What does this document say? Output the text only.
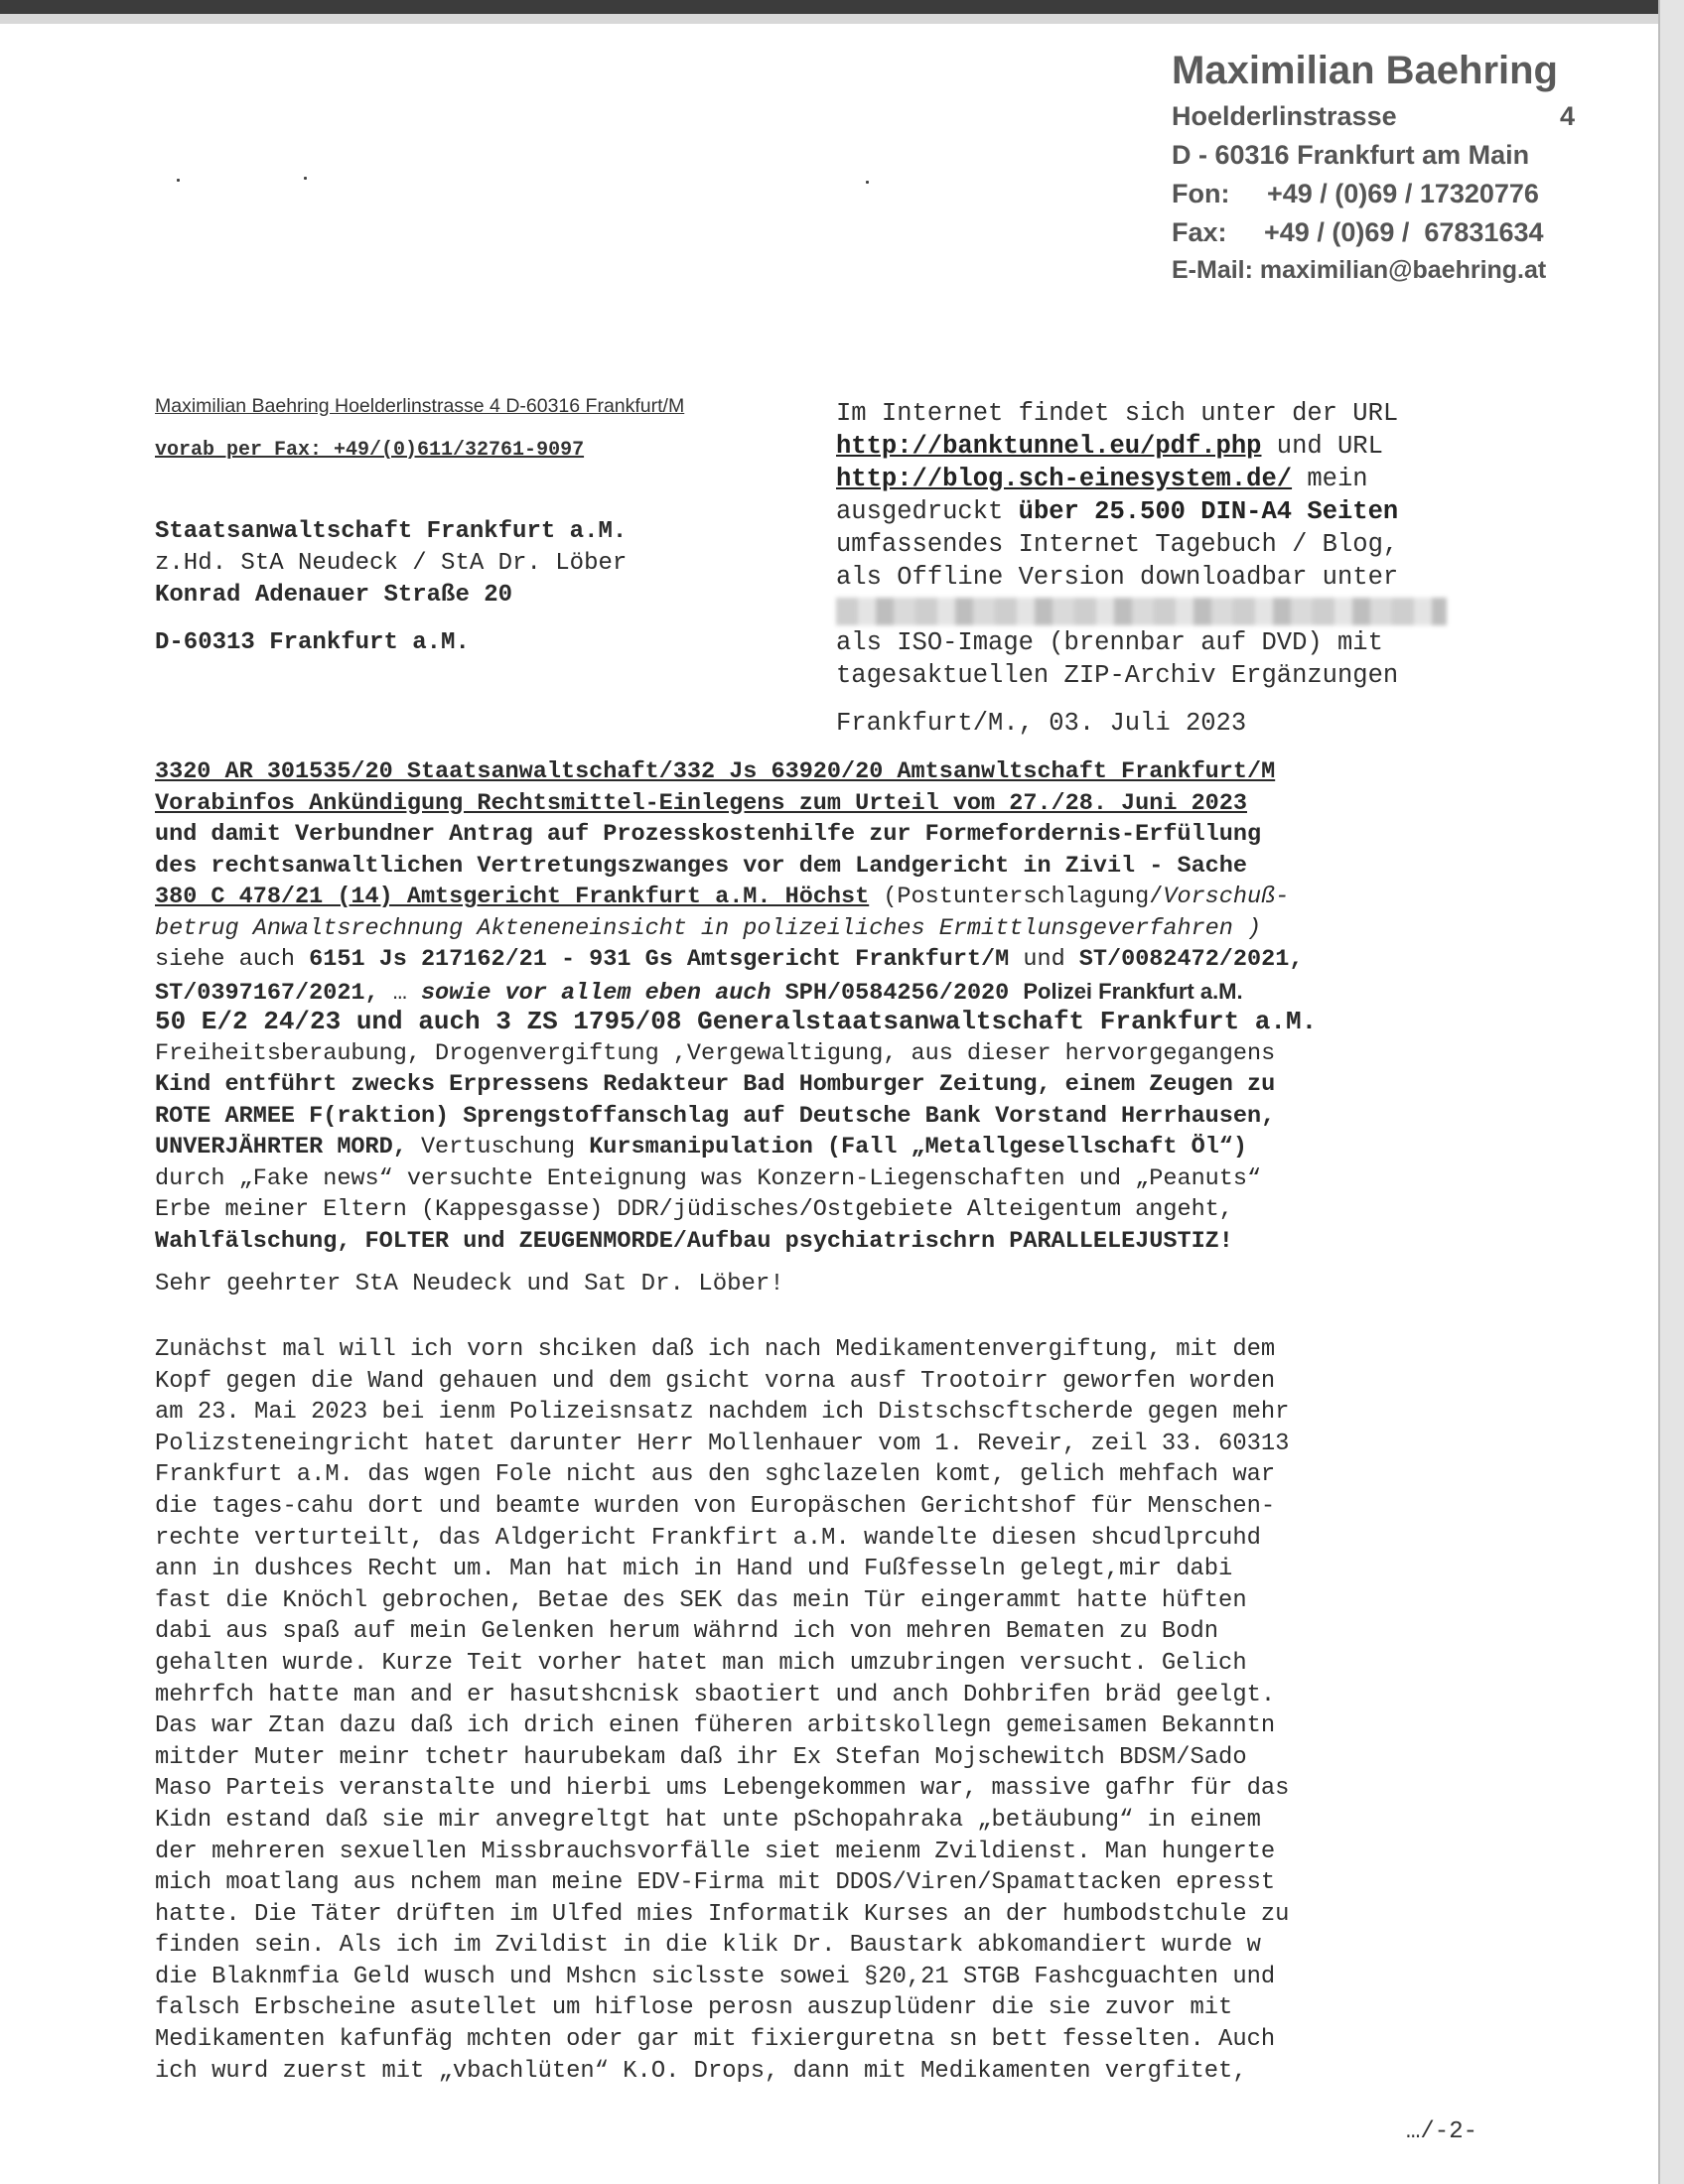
Maximilian Baehring
Hoelderlinstrasse	4
D - 60316 Frankfurt am Main
Fon:     +49 / (0)69 / 17320776
Fax:     +49 / (0)69 /  67831634
E-Mail: maximilian@baehring.at
Maximilian Baehring Hoelderlinstrasse 4 D-60316 Frankfurt/M
vorab per Fax: +49/(0)611/32761-9097
Staatsanwaltschaft Frankfurt a.M.
z.Hd. StA Neudeck / StA Dr. Löber
Konrad Adenauer Straße 20
D-60313 Frankfurt a.M.
Im Internet findet sich unter der URL
http://banktunnel.eu/pdf.php und URL
http://blog.sch-einesystem.de/ mein
ausgedruckt über 25.500 DIN-A4 Seiten
umfassendes Internet Tagebuch / Blog,
als Offline Version downloadbar unter
als ISO-Image (brennbar auf DVD) mit
tagesaktuellen ZIP-Archiv Ergänzungen
Frankfurt/M., 03. Juli 2023
3320 AR 301535/20 Staatsanwaltschaft/332 Js 63920/20 Amtsanwltschaft Frankfurt/M
Vorabinfos Ankündigung Rechtsmittel-Einlegens zum Urteil vom 27./28. Juni 2023
und damit Verbundner Antrag auf Prozesskostenhilfe zur Formefordernis-Erfüllung
des rechtsanwaltlichen Vertretungszwanges vor dem Landgericht in Zivil - Sache
380 C 478/21 (14) Amtsgericht Frankfurt a.M. Höchst (Postunterschlagung/Vorschuß-
betrug Anwaltsrechnung Akteneneinsicht in polizeiliches Ermittlunsgeverfahren )
siehe auch 6151 Js 217162/21 - 931 Gs Amtsgericht Frankfurt/M und ST/0082472/2021,
ST/0397167/2021, … sowie vor allem eben auch SPH/0584256/2020 Polizei Frankfurt a.M.
50 E/2 24/23 und auch 3 ZS 1795/08 Generalstaatsanwaltschaft Frankfurt a.M.
Freiheitsberaubung, Drogenvergiftung ,Vergewaltigung, aus dieser hervorgegangens
Kind entführt zwecks Erpressens Redakteur Bad Homburger Zeitung, einem Zeugen zu
ROTE ARMEE F(raktion) Sprengstoffanschlag auf Deutsche Bank Vorstand Herrhausen,
UNVERJÄHRTER MORD, Vertuschung Kursmanipulation (Fall „Metallgesellschaft Öl“)
durch „Fake news“ versuchte Enteignung was Konzern-Liegenschaften und „Peanuts“
Erbe meiner Eltern (Kappesgasse) DDR/jüdisches/Ostgebiete Alteigentum angeht,
Wahlfälschung, FOLTER und ZEUGENMORDE/Aufbau psychiatrischrn PARALLELEJUSTIZ!
Sehr geehrter StA Neudeck und Sat Dr. Löber!
Zunächst mal will ich vorn shciken daß ich nach Medikamentenvergiftung, mit dem
Kopf gegen die Wand gehauen und dem gsicht vorna ausf Trootoirr geworfen worden
am 23. Mai 2023 bei ienm Polizeisnsatz nachdem ich Distschscftscherde gegen mehr
Polizsteneingricht hatet darunter Herr Mollenhauer vom 1. Reveir, zeil 33. 60313
Frankfurt a.M. das wgen Fole nicht aus den sghclazelen komt, gelich mehfach war
die tages-cahu dort und beamte wurden von Europäschen Gerichtshof für Menschen-
rechte verturteilt, das Aldgericht Frankfirt a.M. wandelte diesen shcudlprcuhd
ann in dushces Recht um. Man hat mich in Hand und Fußfesseln gelegt,mir dabi
fast die Knöchl gebrochen, Betae des SEK das mein Tür eingerammt hatte hüften
dabi aus spaß auf mein Gelenken herum währnd ich von mehren Bematen zu Bodn
gehalten wurde. Kurze Teit vorher hatet man mich umzubringen versucht. Gelich
mehrfch hatte man and er hasutshcnisk sbaotiert und anch Dohbrifen bräd geelgt.
Das war Ztan dazu daß ich drich einen füheren arbitskollegn gemeisamen Bekanntn
mitder Muter meinr tchetr haurubekam daß ihr Ex Stefan Mojschewitch BDSM/Sado
Maso Parteis veranstalte und hierbi ums Lebengekommen war, massive gafhr für das
Kidn estand daß sie mir anvegreltgt hat unte pSchopahraka „betäubung“ in einem
der mehreren sexuellen Missbrauchsvorfälle siet meienm Zvildienst. Man hungerte
mich moatlang aus nchem man meine EDV-Firma mit DDOS/Viren/Spamattacken epresst
hatte. Die Täter drüften im Ulfed mies Informatik Kurses an der humbodstchule zu
finden sein. Als ich im Zvildist in die klik Dr. Baustark abkomandiert wurde w
die Blaknmfia Geld wusch und Mshcn siclsste sowei §20,21 STGB Fashcguachten und
falsch Erbscheine asutellet um hiflose perosn auszuplüdenr die sie zuvor mit
Medikamenten kafunfäg mchten oder gar mit fixierguretna sn bett fesselten. Auch
ich wurd zuerst mit „vbachlüten“ K.O. Drops, dann mit Medikamenten vergfitet,
…/-2-
